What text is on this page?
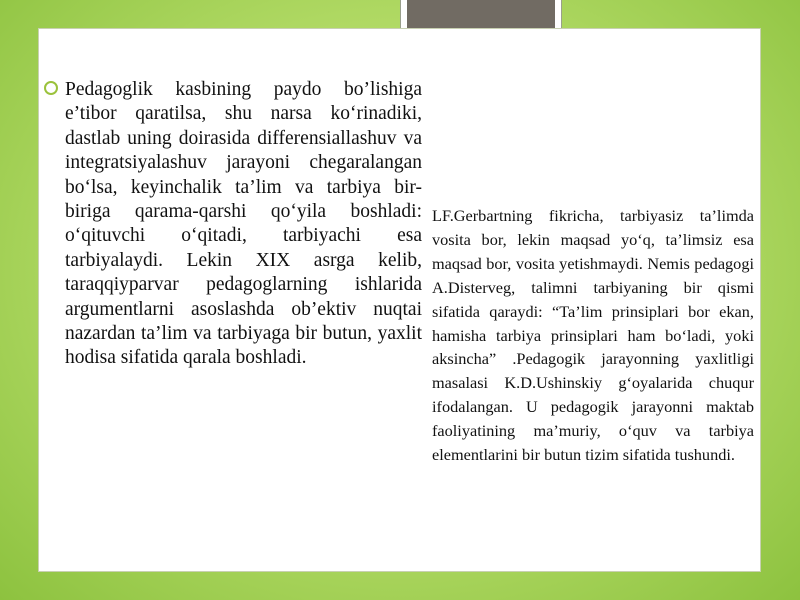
Pedagoglik kasbining paydo bo’lishiga e’tibor qaratilsa, shu narsa ko‘rinadiki, dastlab uning doirasida differensiallashuv va integratsiyalashuv jarayoni chegaralangan bo‘lsa, keyinchalik ta’lim va tarbiya bir-biriga qarama-qarshi qo‘yila boshladi: o‘qituvchi o‘qitadi, tarbiyachi esa tarbiyalaydi. Lekin XIX asrga kelib, taraqqiyparvar pedagoglarning ishlarida argumentlarni asoslashda ob’ektiv nuqtai nazardan ta’lim va tarbiyaga bir butun, yaxlit hodisa sifatida qarala boshladi.

LF.Gerbartning fikricha, tarbiyasiz ta’limda vosita bor, lekin maqsad yo‘q, ta’limsiz esa maqsad bor, vosita yetishmaydi. Nemis pedagogi A.Disterveg, talimni tarbiyaning bir qismi sifatida qaraydi: “Ta’lim prinsiplari bor ekan, hamisha tarbiya prinsiplari ham bo‘ladi, yoki aksincha” .Pedagogik jarayonning yaxlitligi masalasi K.D.Ushinskiy g‘oyalarida chuqur ifodalangan. U pedagogik jarayonni maktab faoliyatining ma’muriy, o‘quv va tarbiya elementlarini bir butun tizim sifatida tushundi.
